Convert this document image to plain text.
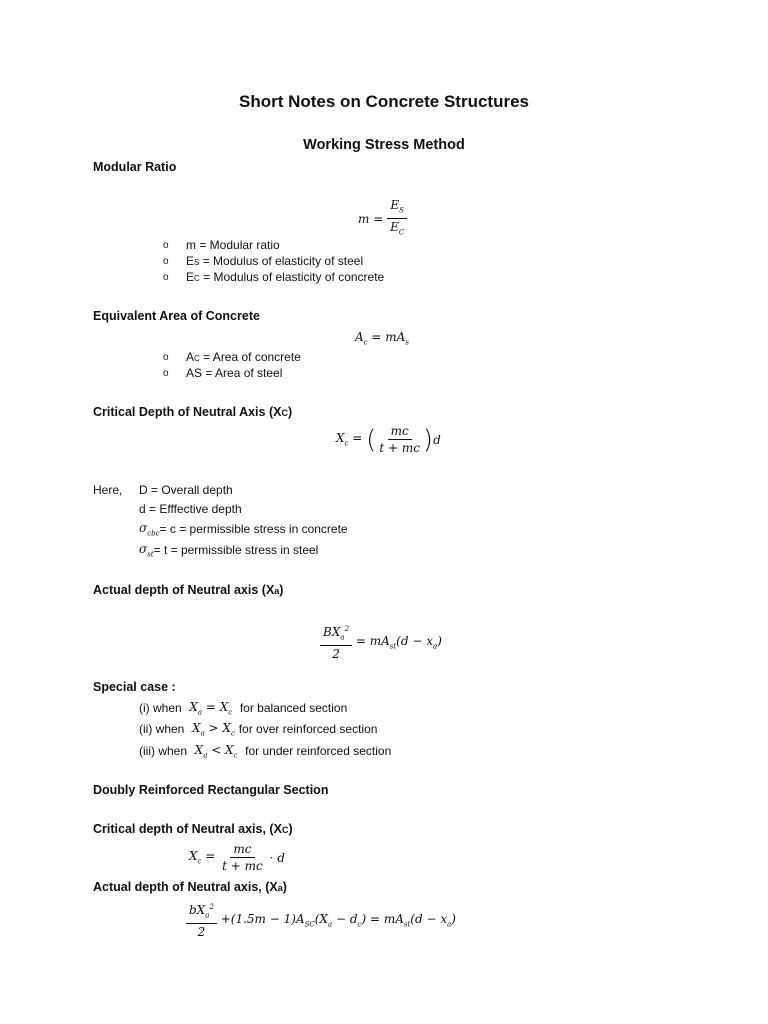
Short Notes on Concrete Structures
Working Stress Method
Modular Ratio
$m = \frac{E_S}{E_C}$
o m = Modular ratio
o ES = Modulus of elasticity of steel
o EC = Modulus of elasticity of concrete
Equivalent Area of Concrete
$A_c = mA_s$
o AC = Area of concrete
o AS = Area of steel
Critical Depth of Neutral Axis (XC)
$X_c$ = ( $\frac{mc}{t + mc}$ ) d
Here, D = Overall depth
d = Efffective depth
$\sigma_{cbc} = c$ = permissible stress in concrete
$\sigma_{st} = t$ = permissible stress in steel
Actual depth of Neutral axis (Xa)
$\frac{BX_a^2}{2} = mA_{st}(d - x_a)$
Special case :
(i) when $X_a = X_c$ for balanced section
(ii) when $X_a > X_c$ for over reinforced section
(iii) when $X_a < X_c$ for under reinforced section
Doubly Reinforced Rectangular Section
Critical depth of Neutral axis, (XC)
$X_c = \frac{mc}{t + mc} \cdot d$
Actual depth of Neutral axis, (Xa)
$\frac{bX_a^2}{2} +(1.5m - 1)A_{SC}(X_a - d_c) = mA_{st}(d - x_a)$
